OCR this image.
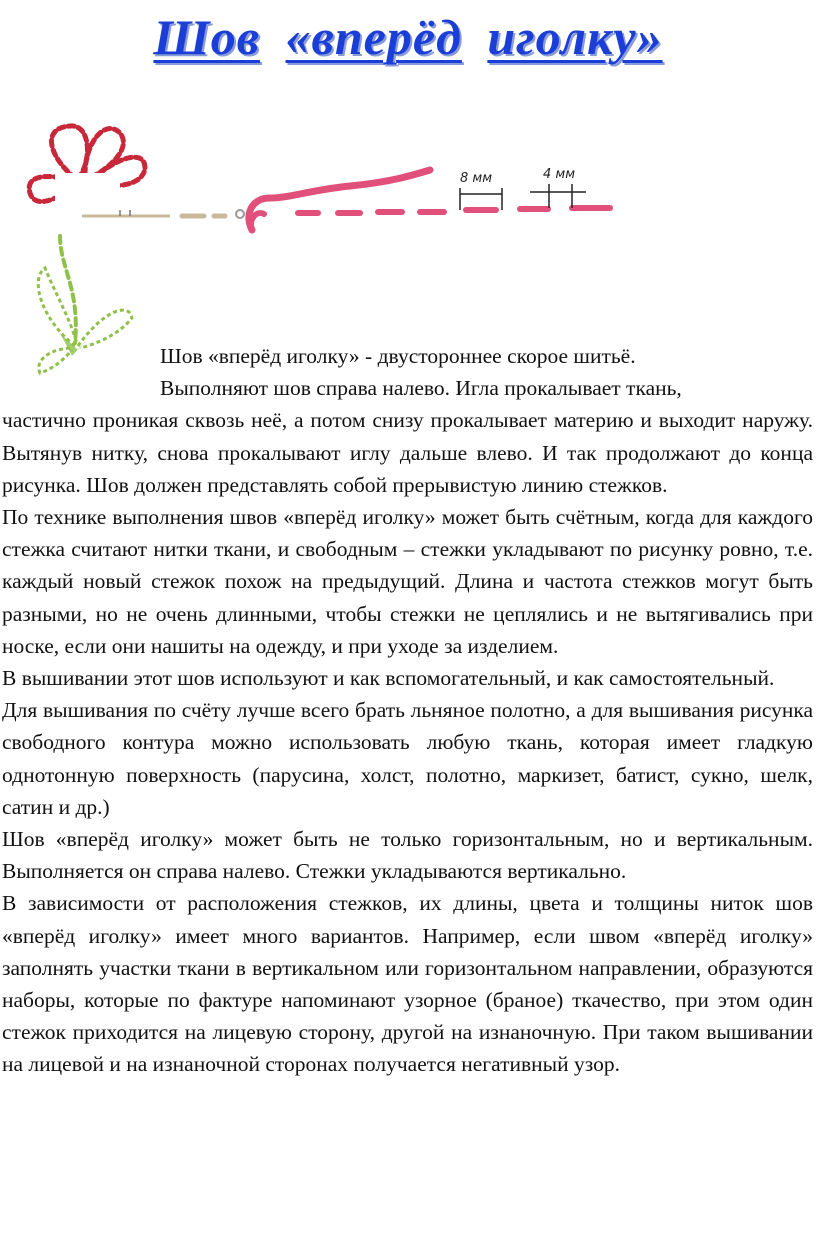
Шов «вперёд иголку»
8 мм	4 мм

Шов «вперёд иголку» - двустороннее скорое шитьё.

Выполняют шов справа налево. Игла прокалывает ткань,

частично проникая сквозь неё, а потом снизу прокалывает материю и выходит наружу. Вытянув нитку, снова прокалывают иглу дальше влево. И так продолжают до конца рисунка. Шов должен представлять собой прерывистую линию стежков.

По технике выполнения швов «вперёд иголку» может быть счётным, когда для каждого стежка считают нитки ткани, и свободным – стежки укладывают по рисунку ровно, т.е. каждый новый стежок похож на предыдущий. Длина и частота стежков могут быть разными, но не очень длинными, чтобы стежки не цеплялись и не вытягивались при носке, если они нашиты на одежду, и при уходе за изделием.

В вышивании этот шов используют и как вспомогательный, и как самостоятельный.

Для вышивания по счёту лучше всего брать льняное полотно, а для вышивания рисунка свободного контура можно использовать любую ткань, которая имеет гладкую однотонную поверхность (парусина, холст, полотно, маркизет, батист, сукно, шелк, сатин и др.)

Шов «вперёд иголку» может быть не только горизонтальным, но и вертикальным. Выполняется он справа налево. Стежки укладываются вертикально.

В зависимости от расположения стежков, их длины, цвета и толщины ниток шов «вперёд иголку» имеет много вариантов. Например, если швом «вперёд иголку» заполнять участки ткани в вертикальном или горизонтальном направлении, образуются наборы, которые по фактуре напоминают узорное (браное) ткачество, при этом один стежок приходится на лицевую сторону, другой на изнаночную. При таком вышивании на лицевой и на изнаночной сторонах получается негативный узор.
